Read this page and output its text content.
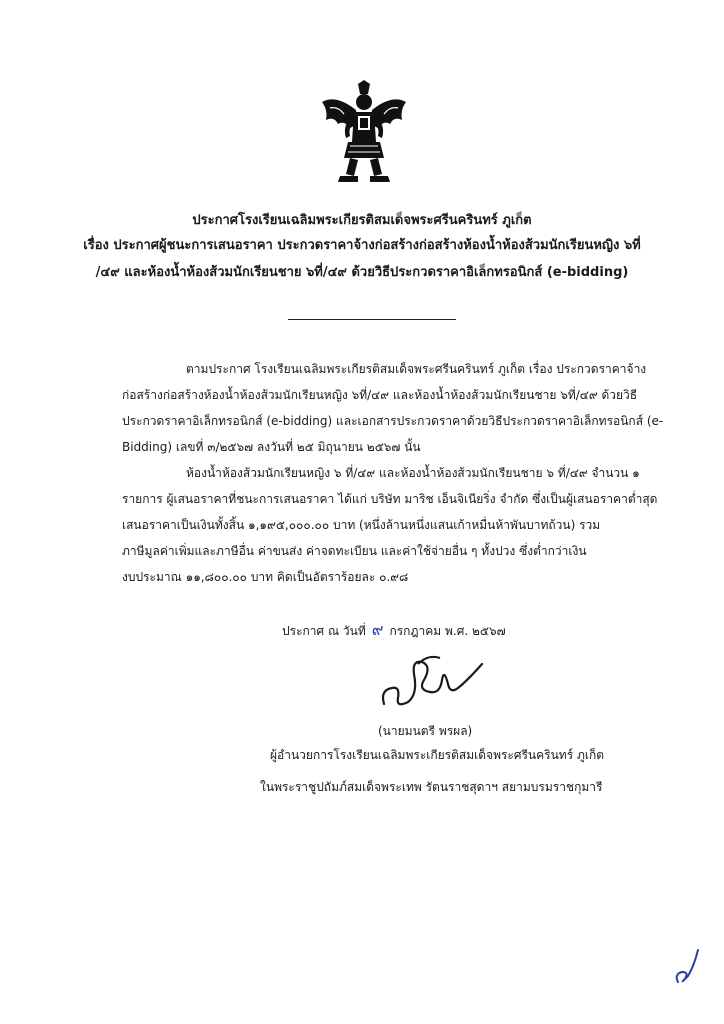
ประกาศโรงเรียนเฉลิมพระเกียรติสมเด็จพระศรีนครินทร์ ภูเก็ต
เรื่อง ประกาศผู้ชนะการเสนอราคา ประกวดราคาจ้างก่อสร้างก่อสร้างห้องน้ำห้องส้วมนักเรียนหญิง ๖ที่
/๔๙ และห้องน้ำห้องส้วมนักเรียนชาย ๖ที่/๔๙ ด้วยวิธีประกวดราคาอิเล็กทรอนิกส์ (e-bidding)
ตามประกาศ โรงเรียนเฉลิมพระเกียรติสมเด็จพระศรีนครินทร์ ภูเก็ต เรื่อง ประกวดราคาจ้าง
ก่อสร้างก่อสร้างห้องน้ำห้องส้วมนักเรียนหญิง ๖ที่/๔๙ และห้องน้ำห้องส้วมนักเรียนชาย ๖ที่/๔๙ ด้วยวิธี
ประกวดราคาอิเล็กทรอนิกส์ (e-bidding) และเอกสารประกวดราคาด้วยวิธีประกวดราคาอิเล็กทรอนิกส์ (e-
Bidding) เลขที่ ๓/๒๕๖๗ ลงวันที่ ๒๕ มิถุนายน ๒๕๖๗ นั้น
ห้องน้ำห้องส้วมนักเรียนหญิง ๖ ที่/๔๙ และห้องน้ำห้องส้วมนักเรียนชาย ๖ ที่/๔๙ จำนวน ๑
รายการ ผู้เสนอราคาที่ชนะการเสนอราคา ได้แก่ บริษัท มาริช เอ็นจิเนียริ่ง จำกัด ซึ่งเป็นผู้เสนอราคาต่ำสุด
เสนอราคาเป็นเงินทั้งสิ้น ๑,๑๙๕,๐๐๐.๐๐ บาท (หนึ่งล้านหนึ่งแสนเก้าหมื่นห้าพันบาทถ้วน) รวม
ภาษีมูลค่าเพิ่มและภาษีอื่น ค่าขนส่ง ค่าจดทะเบียน และค่าใช้จ่ายอื่น ๆ ทั้งปวง ซึ่งต่ำกว่าเงิน
งบประมาณ ๑๑,๘๐๐.๐๐ บาท คิดเป็นอัตราร้อยละ ๐.๙๘
ประกาศ ณ วันที่ ๙ กรกฎาคม พ.ศ. ๒๕๖๗
(นายมนตรี พรผล)
ผู้อำนวยการโรงเรียนเฉลิมพระเกียรติสมเด็จพระศรีนครินทร์ ภูเก็ต
ในพระราชูปถัมภ์สมเด็จพระเทพ รัตนราชสุดาฯ สยามบรมราชกุมารี
